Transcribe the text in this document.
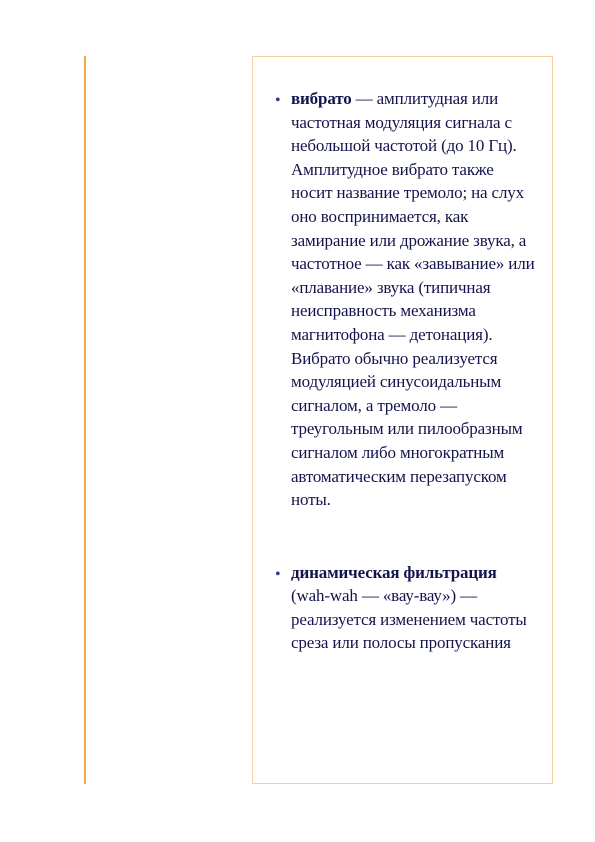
• вибрато — амплитудная или частотная модуляция сигнала с небольшой частотой (до 10 Гц). Амплитудное вибрато также носит название тремоло; на слух оно воспринимается, как замирание или дрожание звука, а частотное — как «завывание» или «плавание» звука (типичная неисправность механизма магнитофона — детонация). Вибрато обычно реализуется модуляцией синусоидальным сигналом, а тремоло — треугольным или пилообразным сигналом либо многократным автоматическим перезапуском ноты.
• динамическая фильтрация (wah-wah — «вау-вау») — реализуется изменением частоты среза или полосы пропускания
